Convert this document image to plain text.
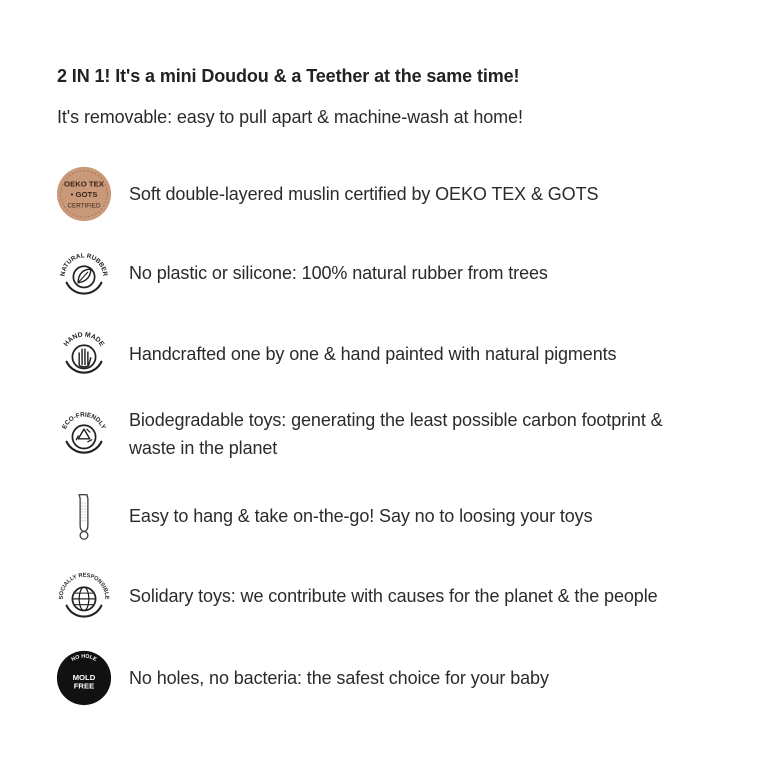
2 IN 1! It's a mini Doudou & a Teether at the same time!
It's removable: easy to pull apart & machine-wash at home!
OEKO TEX
• GOTS
CERTIFIED
Soft double-layered muslin certified by OEKO TEX & GOTS
NATURAL RUBBER No plastic or silicone: 100% natural rubber from trees
HAND MADE
Handcrafted one by one & hand painted with natural pigments
ECO-FRIENDLY Biodegradable toys: generating the least possible carbon footprint & waste in the planet
Easy to hang & take on-the-go! Say no to loosing your toys
SOCIALLY RESPONSIBLE Solidary toys: we contribute with causes for the planet & the people
NO HOLE
MOLD
FREE No holes, no bacteria: the safest choice for your baby
